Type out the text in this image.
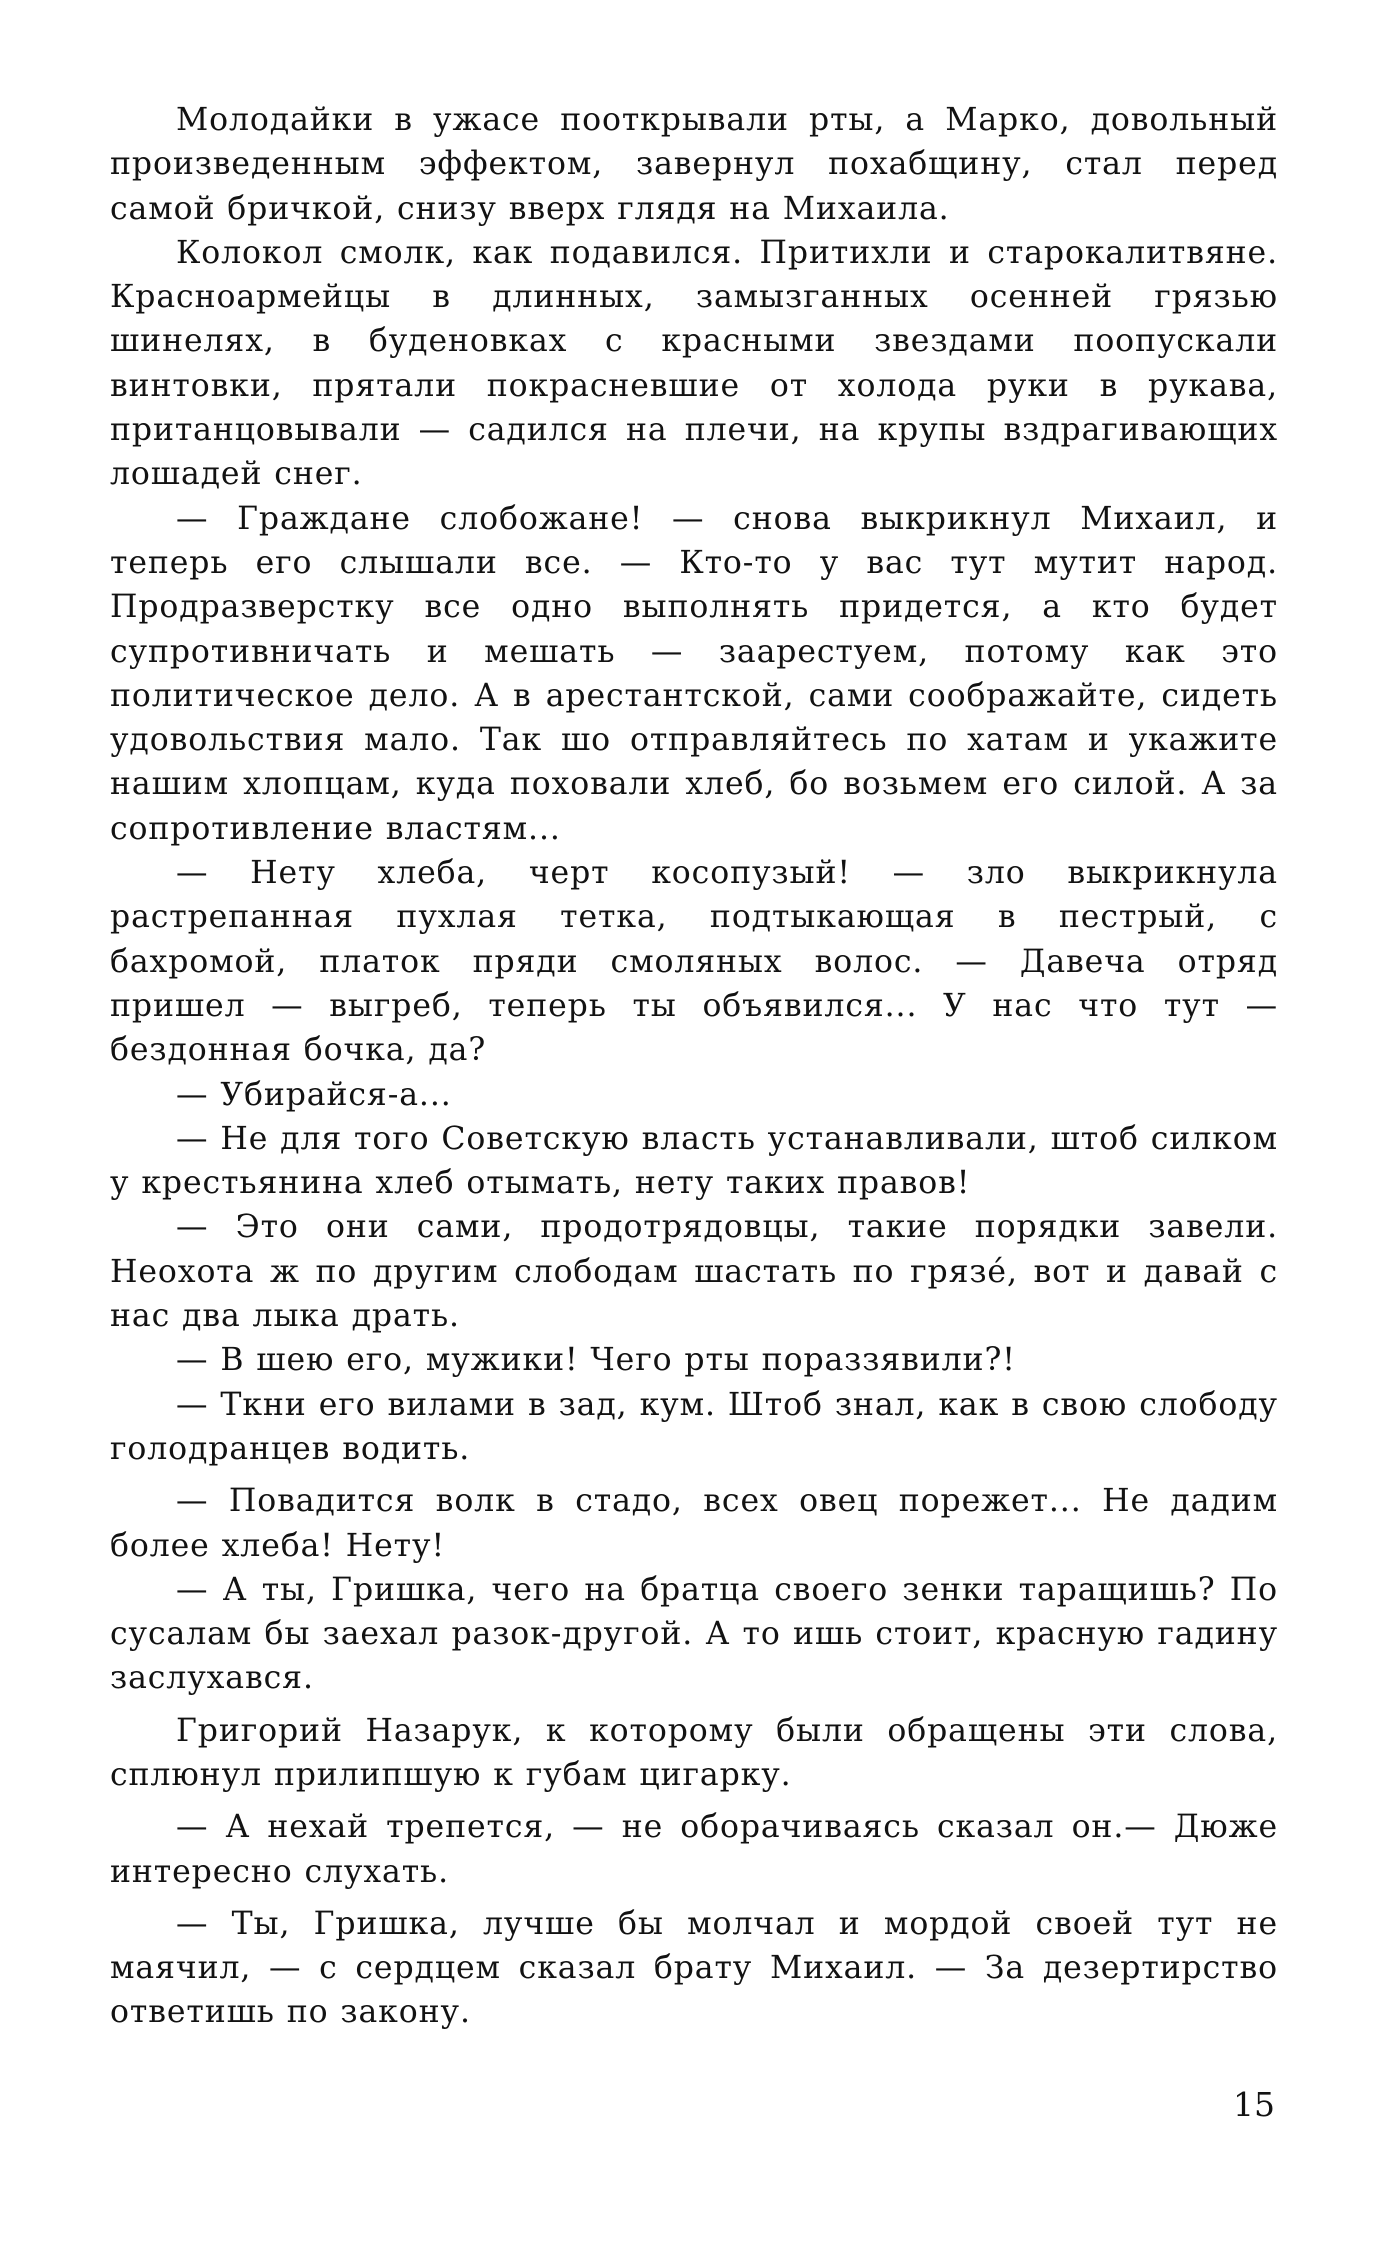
Молодайки в ужасе пооткрывали рты, а Марко, довольный произведенным эффектом, завернул похабщину, стал перед самой бричкой, снизу вверх глядя на Михаила.

Колокол смолк, как подавился. Притихли и старокалитвяне. Красноармейцы в длинных, замызганных осенней грязью шинелях, в буденовках с красными звездами поопускали винтовки, прятали покрасневшие от холода руки в рукава, пританцовывали — садился на плечи, на крупы вздрагивающих лошадей снег.

— Граждане слобожане! — снова выкрикнул Михаил, и теперь его слышали все. — Кто-то у вас тут мутит народ. Продразверстку все одно выполнять придется, а кто будет супротивничать и мешать — заарестуем, потому как это политическое дело. А в арестантской, сами соображайте, сидеть удовольствия мало. Так шо отправляйтесь по хатам и укажите нашим хлопцам, куда поховали хлеб, бо возьмем его силой. А за сопротивление властям...

— Нету хлеба, черт косопузый! — зло выкрикнула растрепанная пухлая тетка, подтыкающая в пестрый, с бахромой, платок пряди смоляных волос. — Давеча отряд пришел — выгреб, теперь ты объявился... У нас что тут — бездонная бочка, да?

— Убирайся-а...

— Не для того Советскую власть устанавливали, штоб силком у крестьянина хлеб отымать, нету таких правов!

— Это они сами, продотрядовцы, такие порядки завели. Неохота ж по другим слободам шастать по грязе́, вот и давай с нас два лыка драть.

— В шею его, мужики! Чего рты пораззявили?!

— Ткни его вилами в зад, кум. Штоб знал, как в свою слободу голодранцев водить.

— Повадится волк в стадо, всех овец порежет... Не дадим более хлеба! Нету!

— А ты, Гришка, чего на братца своего зенки таращишь? По сусалам бы заехал разок-другой. А то ишь стоит, красную гадину заслухався.

Григорий Назарук, к которому были обращены эти слова, сплюнул прилипшую к губам цигарку.

— А нехай трепется, — не оборачиваясь сказал он.— Дюже интересно слухать.

— Ты, Гришка, лучше бы молчал и мордой своей тут не маячил, — с сердцем сказал брату Михаил. — За дезертирство ответишь по закону.

15
